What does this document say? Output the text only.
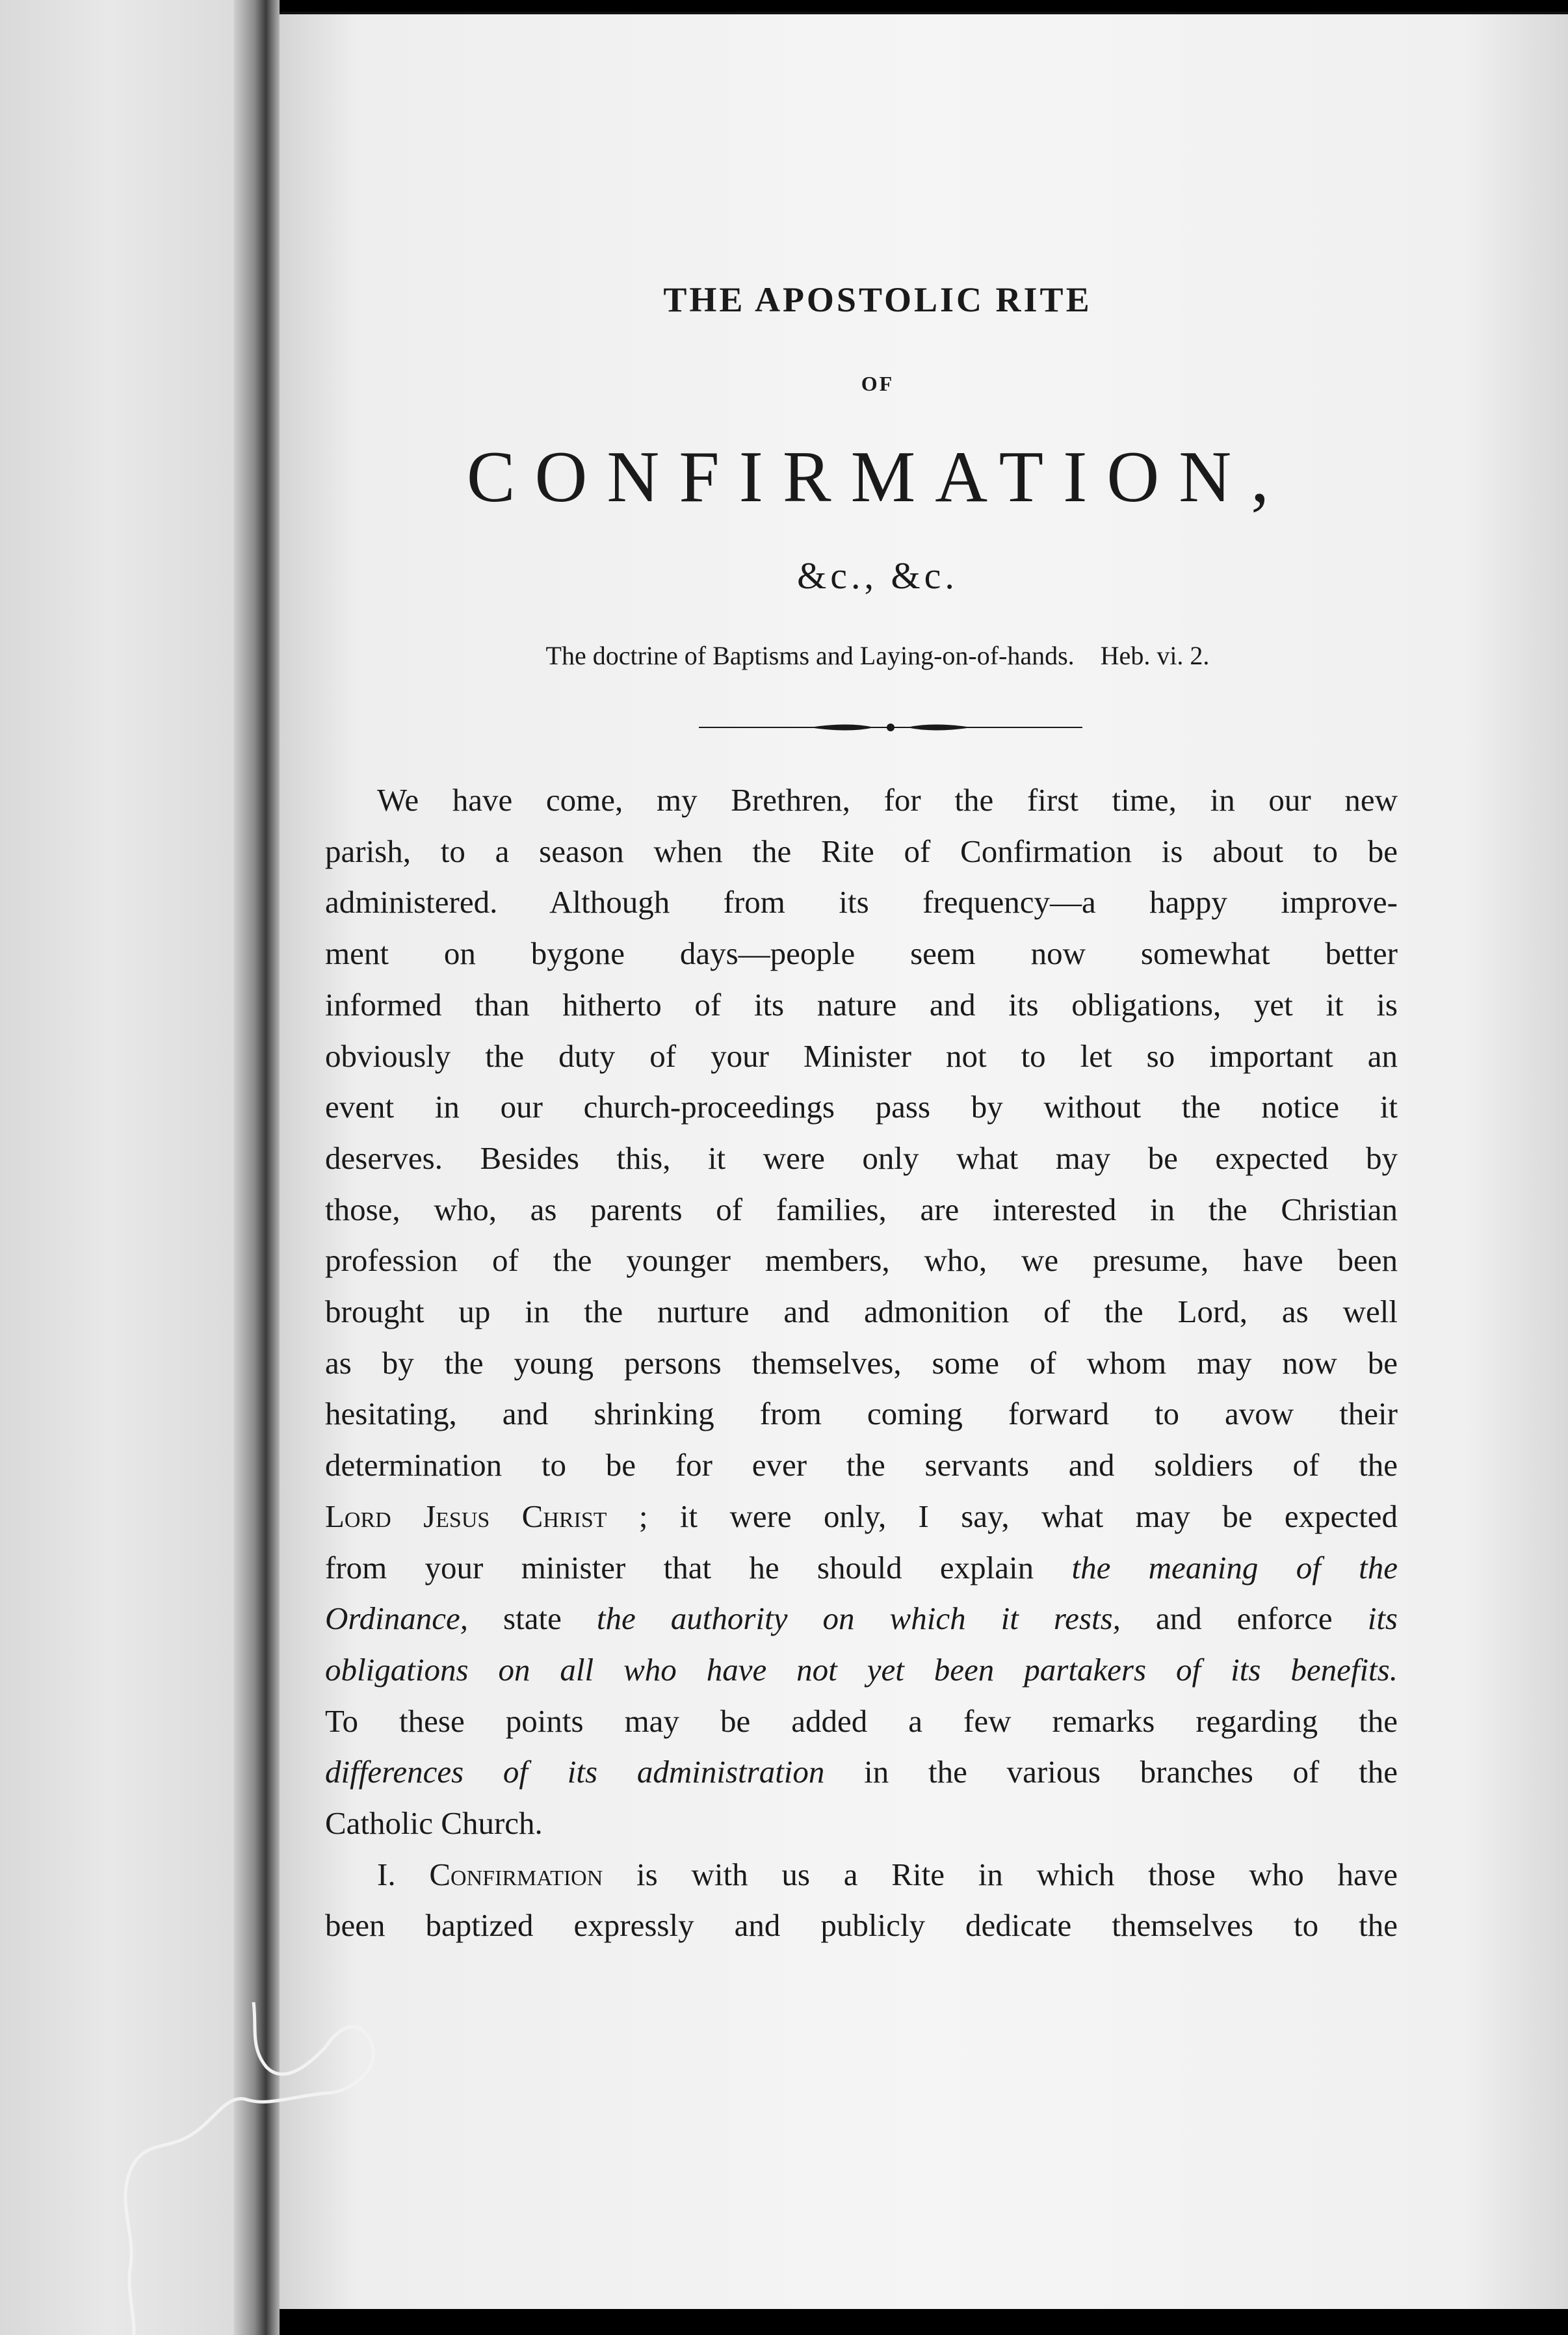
THE APOSTOLIC RITE
OF
CONFIRMATION,
&c., &c.
The doctrine of Baptisms and Laying-on-of-hands. Heb. vi. 2.
We have come, my Brethren, for the first time, in our new
parish, to a season when the Rite of Confirmation is about to be
administered. Although from its frequency—a happy improve-
ment on bygone days—people seem now somewhat better
informed than hitherto of its nature and its obligations, yet it is
obviously the duty of your Minister not to let so important an
event in our church-proceedings pass by without the notice it
deserves. Besides this, it were only what may be expected by
those, who, as parents of families, are interested in the Christian
profession of the younger members, who, we presume, have been
brought up in the nurture and admonition of the Lord, as well
as by the young persons themselves, some of whom may now be
hesitating, and shrinking from coming forward to avow their
determination to be for ever the servants and soldiers of the
Lord Jesus Christ ; it were only, I say, what may be expected
from your minister that he should explain the meaning of the
Ordinance, state the authority on which it rests, and enforce its
obligations on all who have not yet been partakers of its benefits.
To these points may be added a few remarks regarding the
differences of its administration in the various branches of the
Catholic Church.
I. Confirmation is with us a Rite in which those who have
been baptized expressly and publicly dedicate themselves to the
